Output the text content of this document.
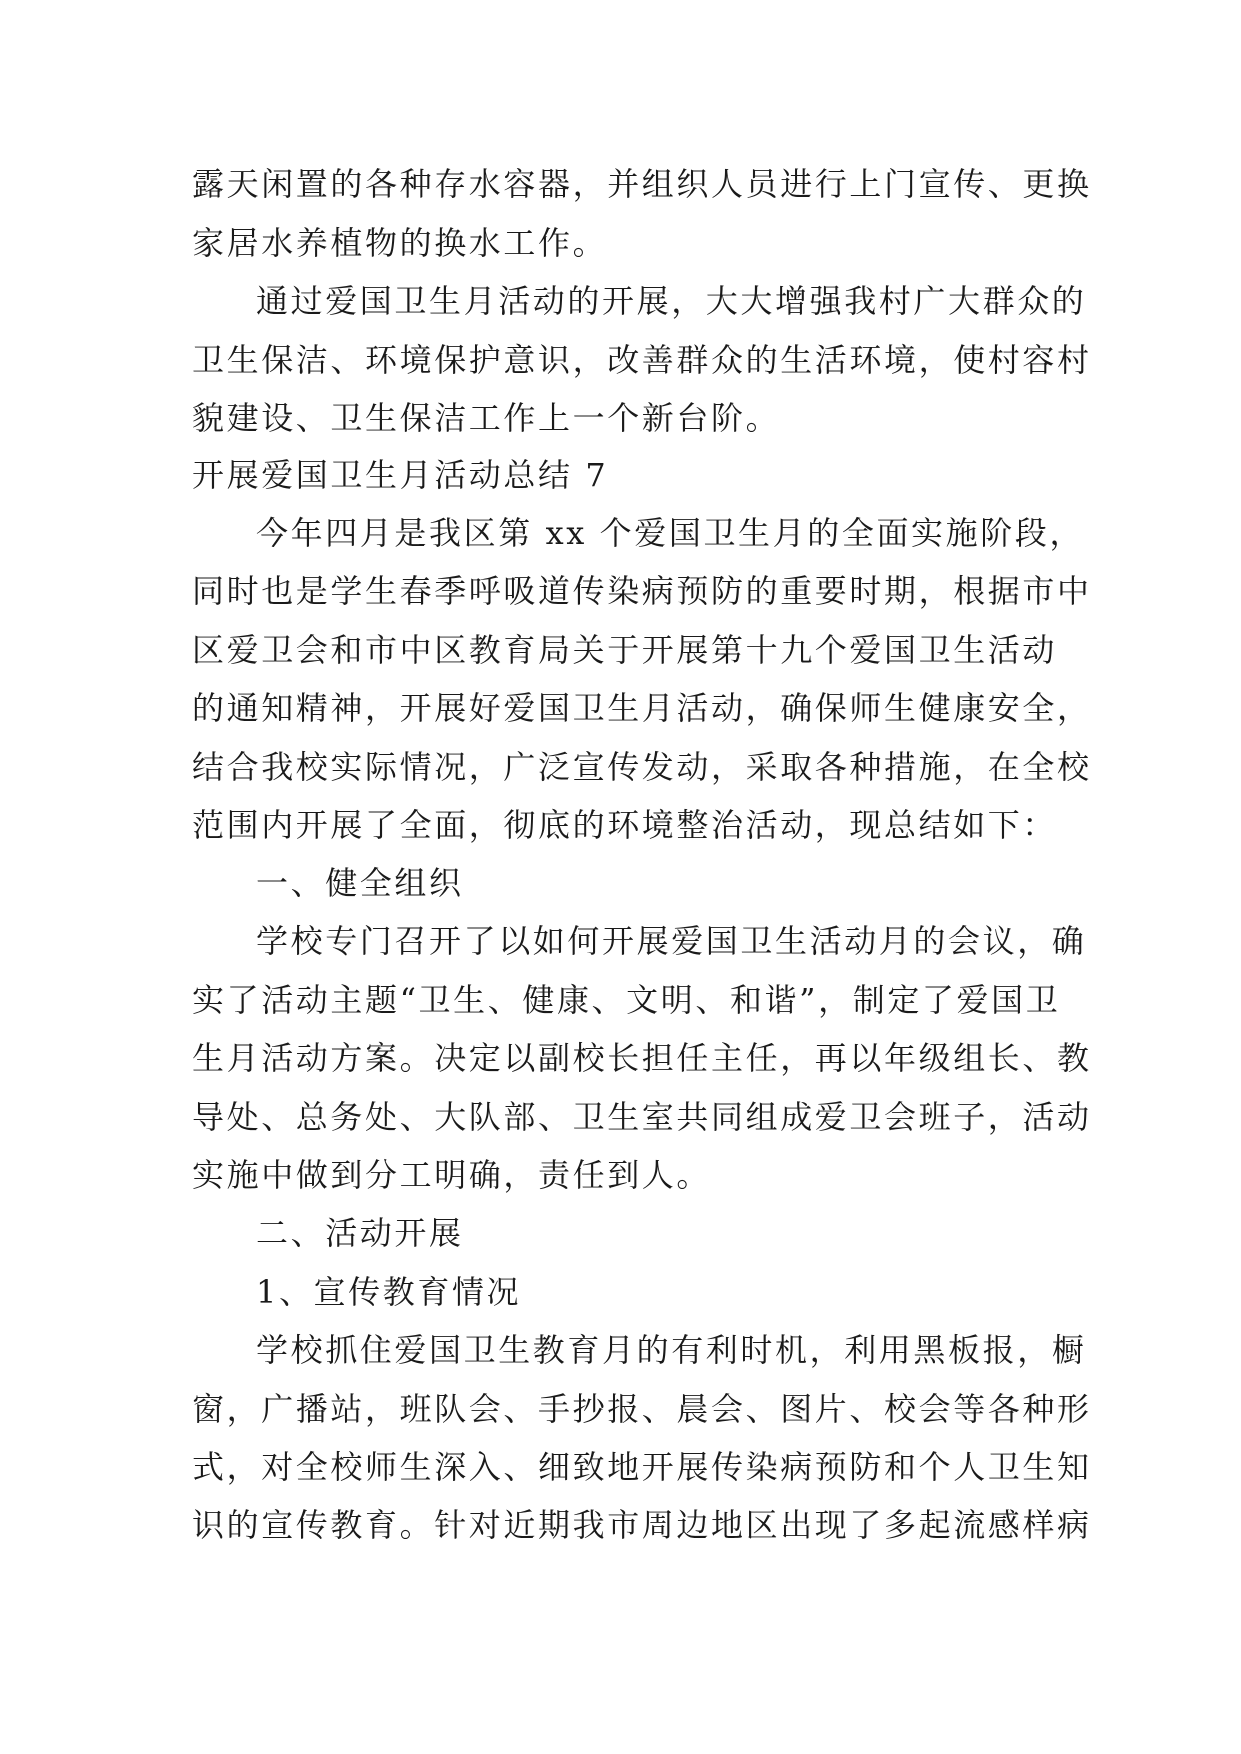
露天闲置的各种存水容器，并组织人员进行上门宣传、更换
家居水养植物的换水工作。
通过爱国卫生月活动的开展，大大增强我村广大群众的
卫生保洁、环境保护意识，改善群众的生活环境，使村容村
貌建设、卫生保洁工作上一个新台阶。
开展爱国卫生月活动总结 7
今年四月是我区第 xx 个爱国卫生月的全面实施阶段，
同时也是学生春季呼吸道传染病预防的重要时期，根据市中
区爱卫会和市中区教育局关于开展第十九个爱国卫生活动
的通知精神，开展好爱国卫生月活动，确保师生健康安全，
结合我校实际情况，广泛宣传发动，采取各种措施，在全校
范围内开展了全面，彻底的环境整治活动，现总结如下：
一、健全组织
学校专门召开了以如何开展爱国卫生活动月的会议，确
实了活动主题“卫生、健康、文明、和谐”，制定了爱国卫
生月活动方案。决定以副校长担任主任，再以年级组长、教
导处、总务处、大队部、卫生室共同组成爱卫会班子，活动
实施中做到分工明确，责任到人。
二、活动开展
1、宣传教育情况
学校抓住爱国卫生教育月的有利时机，利用黑板报，橱
窗，广播站，班队会、手抄报、晨会、图片、校会等各种形
式，对全校师生深入、细致地开展传染病预防和个人卫生知
识的宣传教育。针对近期我市周边地区出现了多起流感样病
